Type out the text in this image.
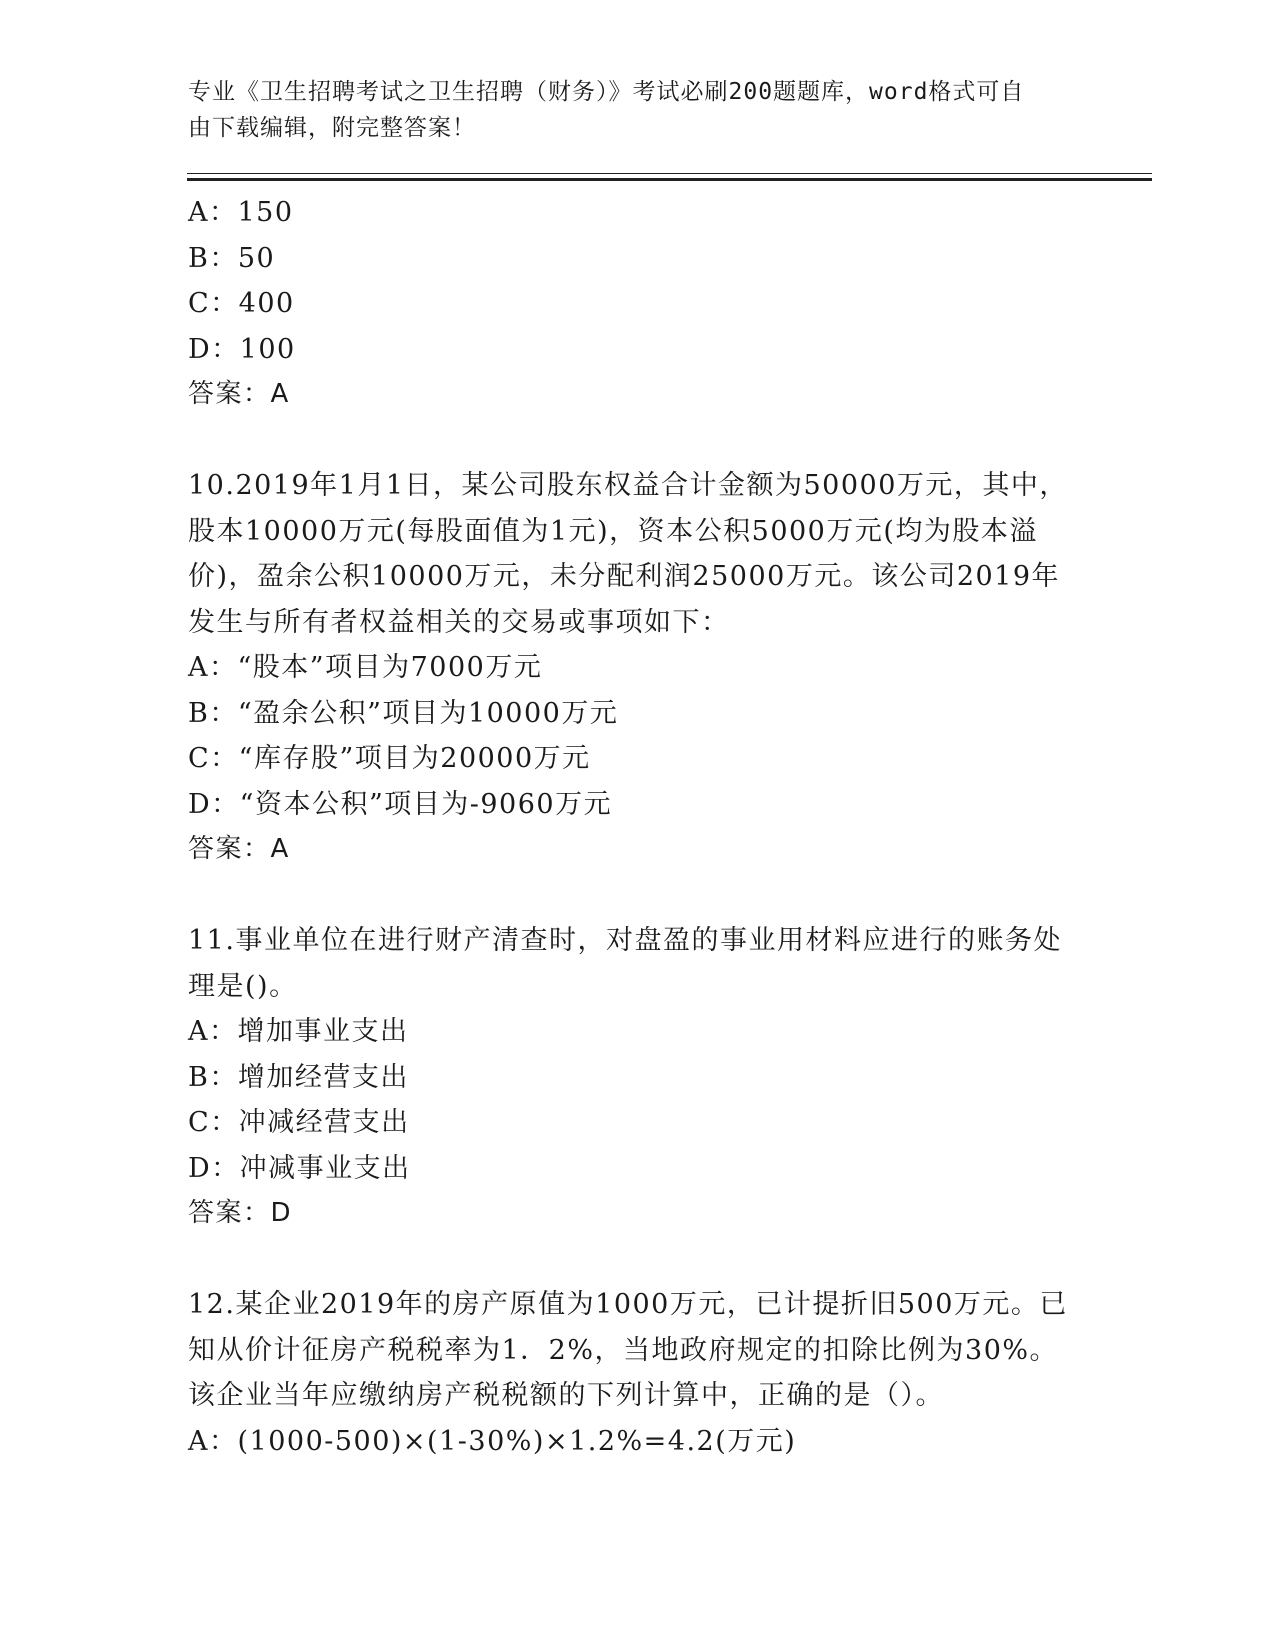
专业《卫生招聘考试之卫生招聘（财务）》考试必刷200题题库，word格式可自
由下载编辑，附完整答案！
A：150
B：50
C：400
D：100
答案：A
10.2019年1月1日，某公司股东权益合计金额为50000万元，其中，
股本10000万元(每股面值为1元)，资本公积5000万元(均为股本溢
价)，盈余公积10000万元，未分配利润25000万元。该公司2019年
发生与所有者权益相关的交易或事项如下：
A：“股本”项目为7000万元
B：“盈余公积”项目为10000万元
C：“库存股”项目为20000万元
D：“资本公积”项目为-9060万元
答案：A
11.事业单位在进行财产清查时，对盘盈的事业用材料应进行的账务处
理是()。
A：增加事业支出
B：增加经营支出
C：冲减经营支出
D：冲减事业支出
答案：D
12.某企业2019年的房产原值为1000万元，已计提折旧500万元。已
知从价计征房产税税率为1．2%，当地政府规定的扣除比例为30%。
该企业当年应缴纳房产税税额的下列计算中，正确的是（）。
A：(1000-500)×(1-30%)×1.2%=4.2(万元)
